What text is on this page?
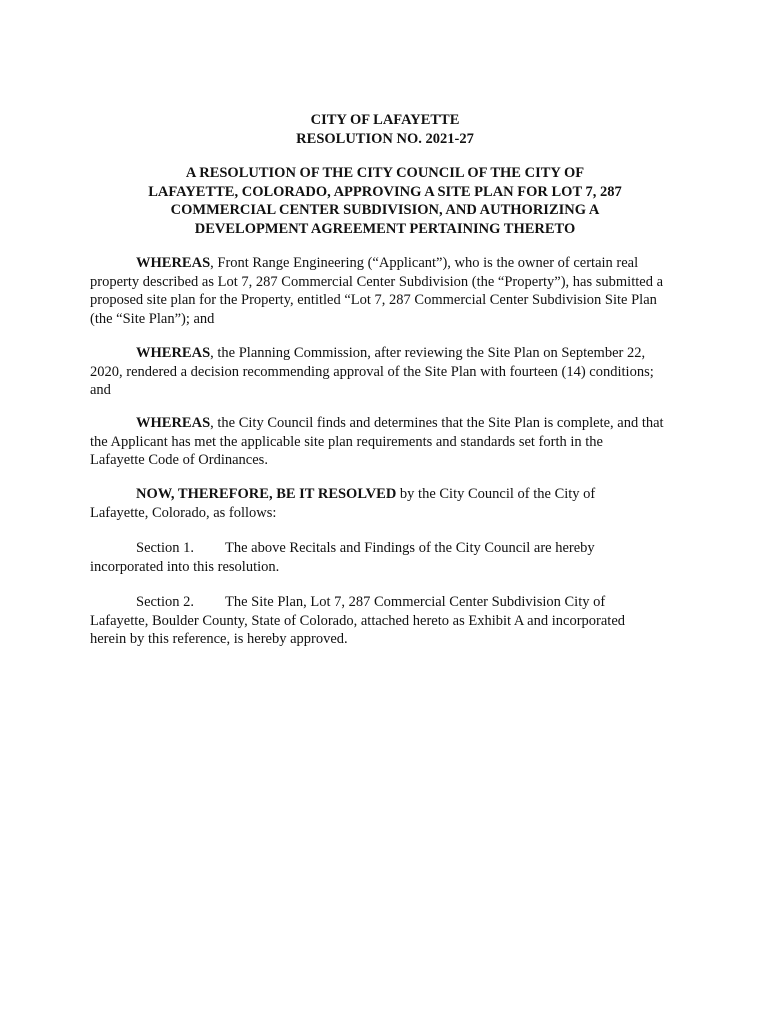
CITY OF LAFAYETTE
RESOLUTION NO. 2021-27
A RESOLUTION OF THE CITY COUNCIL OF THE CITY OF
LAFAYETTE, COLORADO, APPROVING A SITE PLAN FOR LOT 7, 287
COMMERCIAL CENTER SUBDIVISION, AND AUTHORIZING A
DEVELOPMENT AGREEMENT PERTAINING THERETO
WHEREAS, Front Range Engineering (“Applicant”), who is the owner of certain real
property described as Lot 7, 287 Commercial Center Subdivision (the “Property”), has submitted a
proposed site plan for the Property, entitled “Lot 7, 287 Commercial Center Subdivision Site Plan
(the “Site Plan”); and
WHEREAS, the Planning Commission, after reviewing the Site Plan on September 22,
2020, rendered a decision recommending approval of the Site Plan with fourteen (14) conditions;
and
WHEREAS, the City Council finds and determines that the Site Plan is complete, and that
the Applicant has met the applicable site plan requirements and standards set forth in the
Lafayette Code of Ordinances.
NOW, THEREFORE, BE IT RESOLVED by the City Council of the City of
Lafayette, Colorado, as follows:
Section 1. The above Recitals and Findings of the City Council are hereby
incorporated into this resolution.
Section 2. The Site Plan, Lot 7, 287 Commercial Center Subdivision City of
Lafayette, Boulder County, State of Colorado, attached hereto as Exhibit A and incorporated
herein by this reference, is hereby approved.
